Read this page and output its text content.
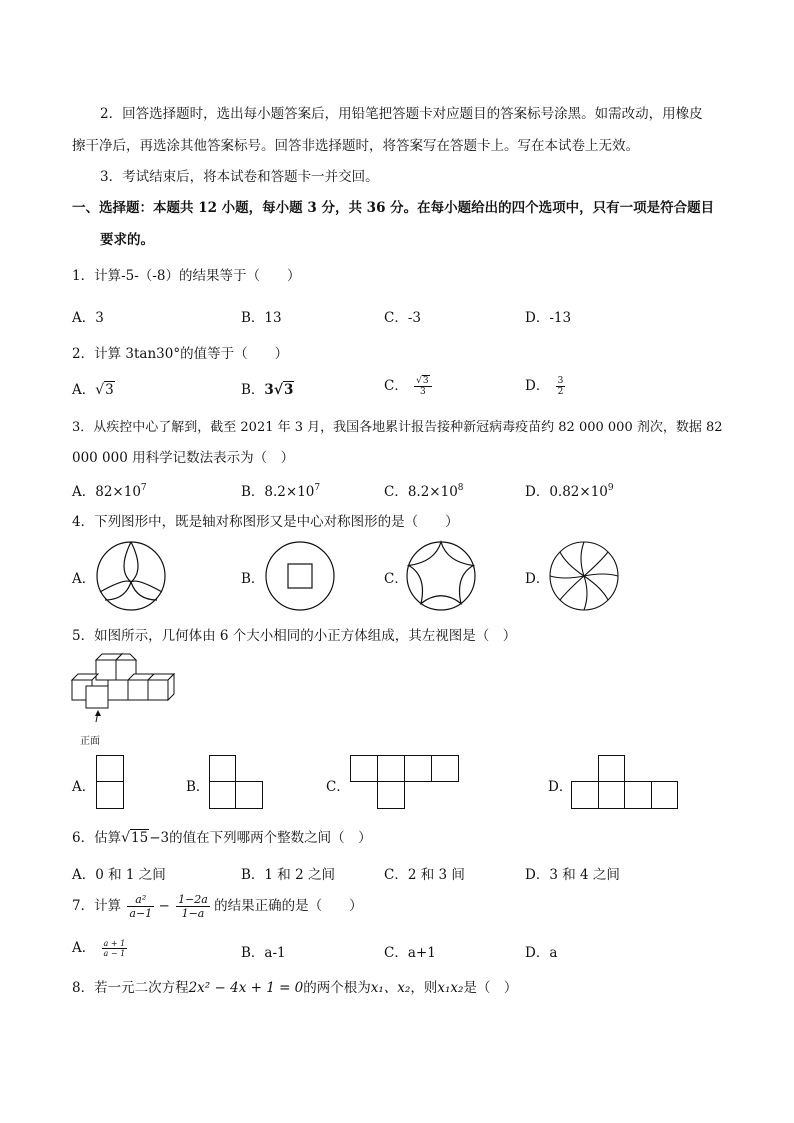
2．回答选择题时，选出每小题答案后，用铅笔把答题卡对应题目的答案标号涂黑。如需改动，用橡皮
擦干净后，再选涂其他答案标号。回答非选择题时，将答案写在答题卡上。写在本试卷上无效。
3．考试结束后，将本试卷和答题卡一并交回。
一、选择题：本题共 12 小题，每小题 3 分，共 36 分。在每小题给出的四个选项中，只有一项是符合题目
要求的。
1．计算-5-（-8）的结果等于（　　）
A．3	B．13	C．-3	D．-13
2．计算 3tan30°的值等于（　　）
A．√3	B．3√3	C． $\frac{√3}{3}$	D． $\frac{3}{2}$
3．从疾控中心了解到，截至 2021 年 3 月，我国各地累计报告接种新冠病毒疫苗约 82 000 000 剂次，数据 82
000 000 用科学记数法表示为（　）
A．$82\times 10^7$	B．$8.2\times 10^7$	C．$8.2\times 10^8$	D．$0.82\times 10^9$
4．下列图形中，既是轴对称图形又是中心对称图形的是（　　）
A．	B．	C．	D．
5．如图所示，几何体由 6 个大小相同的小正方体组成，其左视图是（　）
正面
A．	B．	C．	D．
6．估算√15−3的值在下列哪两个整数之间（　）
A．0 和 1 之间	B．1 和 2 之间	C．2 和 3 间	D．3 和 4 之间
7．计算 $\frac{\text{a²}}{a-1} - \frac{1-2a}{1-a}$ 的结果正确的是（　　）
A． $\frac{a + 1}{a - 1}$	B．a-1	C．a+1	D．a
8．若一元二次方程2x² − 4x + 1 = 0的两个根为x₁、x₂，则x₁x₂是（　）
